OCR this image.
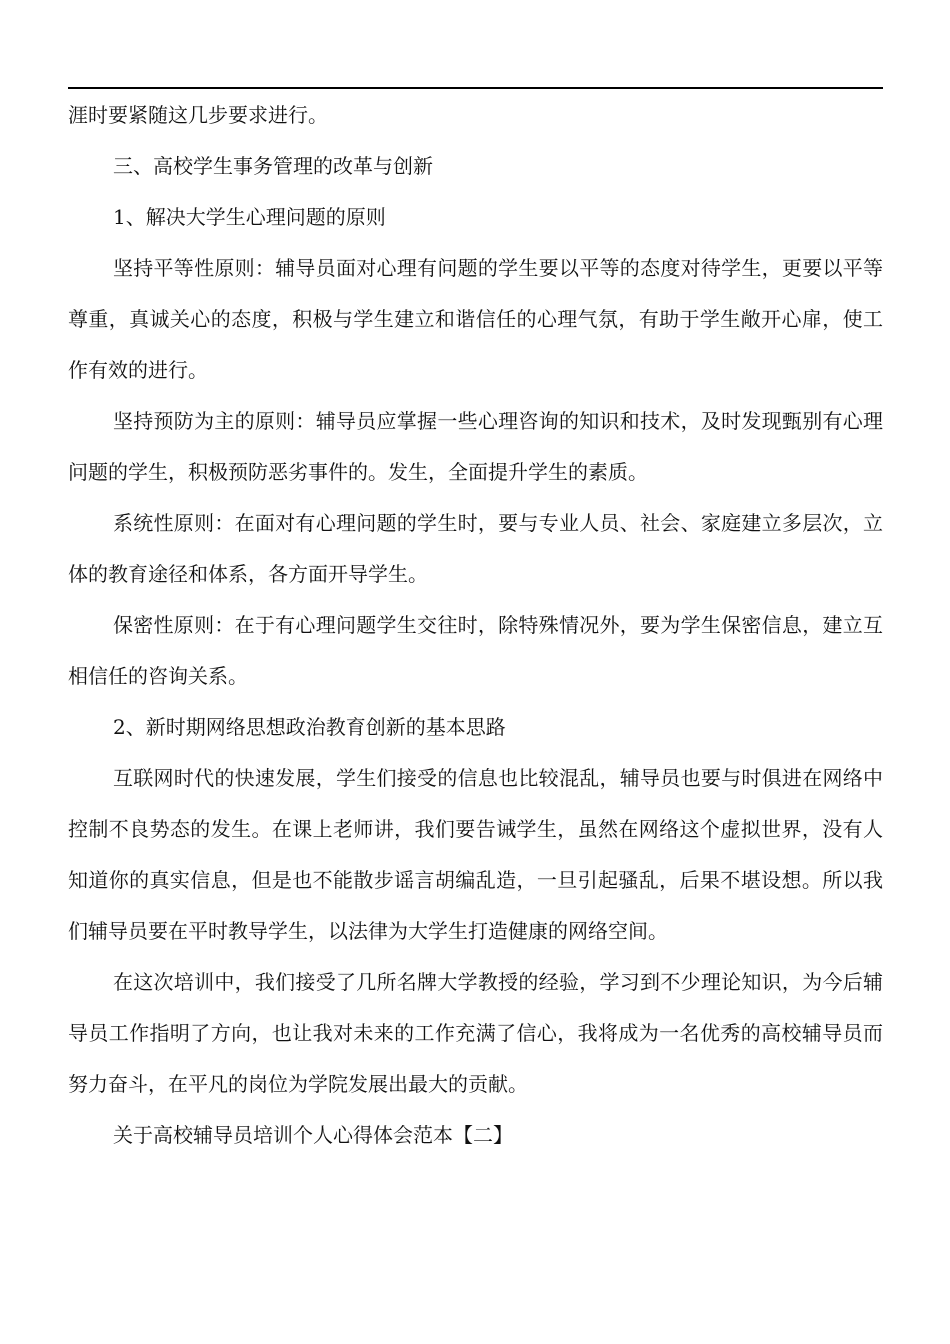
涯时要紧随这几步要求进行。

三、高校学生事务管理的改革与创新

1、解决大学生心理问题的原则

坚持平等性原则：辅导员面对心理有问题的学生要以平等的态度对待学生，更要以平等尊重，真诚关心的态度，积极与学生建立和谐信任的心理气氛，有助于学生敞开心扉，使工作有效的进行。

坚持预防为主的原则：辅导员应掌握一些心理咨询的知识和技术，及时发现甄别有心理问题的学生，积极预防恶劣事件的。发生，全面提升学生的素质。

系统性原则：在面对有心理问题的学生时，要与专业人员、社会、家庭建立多层次，立体的教育途径和体系，各方面开导学生。

保密性原则：在于有心理问题学生交往时，除特殊情况外，要为学生保密信息，建立互相信任的咨询关系。

2、新时期网络思想政治教育创新的基本思路

互联网时代的快速发展，学生们接受的信息也比较混乱，辅导员也要与时俱进在网络中控制不良势态的发生。在课上老师讲，我们要告诫学生，虽然在网络这个虚拟世界，没有人知道你的真实信息，但是也不能散步谣言胡编乱造，一旦引起骚乱，后果不堪设想。所以我们辅导员要在平时教导学生，以法律为大学生打造健康的网络空间。

在这次培训中，我们接受了几所名牌大学教授的经验，学习到不少理论知识，为今后辅导员工作指明了方向，也让我对未来的工作充满了信心，我将成为一名优秀的高校辅导员而努力奋斗，在平凡的岗位为学院发展出最大的贡献。

关于高校辅导员培训个人心得体会范本【二】
